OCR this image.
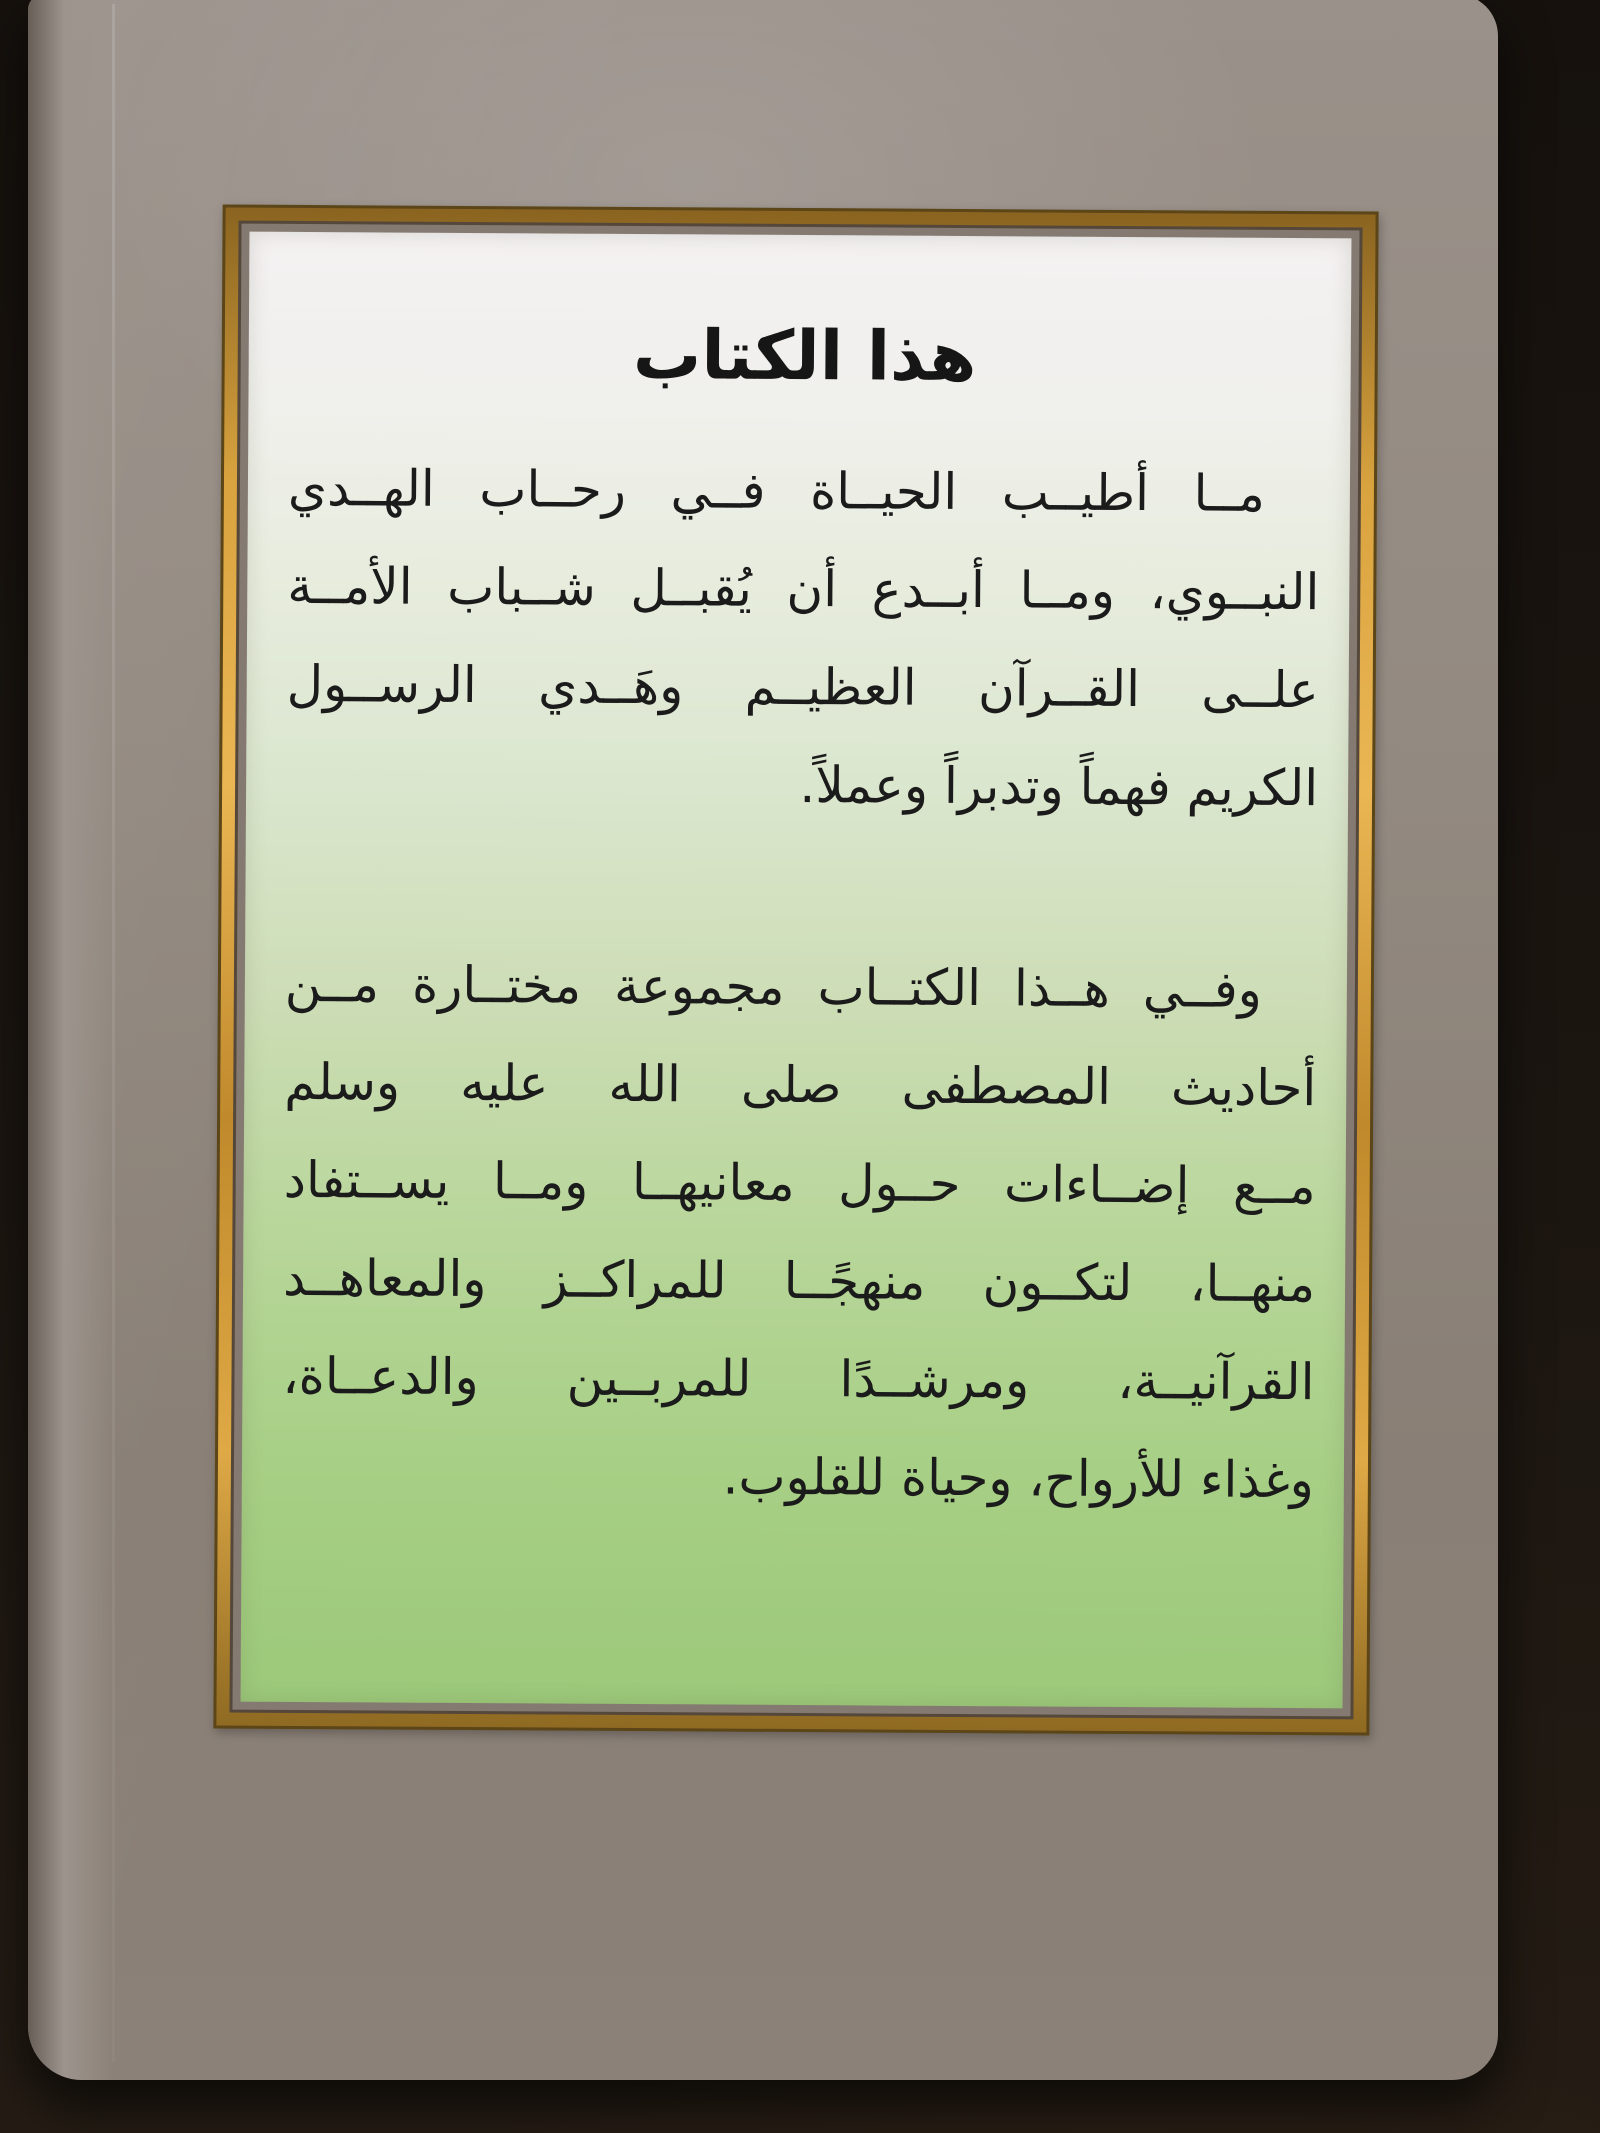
هذا الكتاب
مــا أطيــب الحيــاة فــي رحــاب الهــدي
النبــوي، ومــا أبــدع أن يُقبــل شــباب الأمــة
علــى القــرآن العظيــم وهَــدي الرســول
الكريم فهماً وتدبراً وعملاً.
وفــي هــذا الكتــاب مجموعة مختــارة مــن
أحاديث المصطفى صلى الله عليه وسلم
مــع إضــاءات حــول معانيهــا ومــا يســتفاد
منهــا، لتكــون منهجًــا للمراكــز والمعاهــد
القرآنيــة، ومرشــدًا للمربــين والدعــاة،
وغذاء للأرواح، وحياة للقلوب.
